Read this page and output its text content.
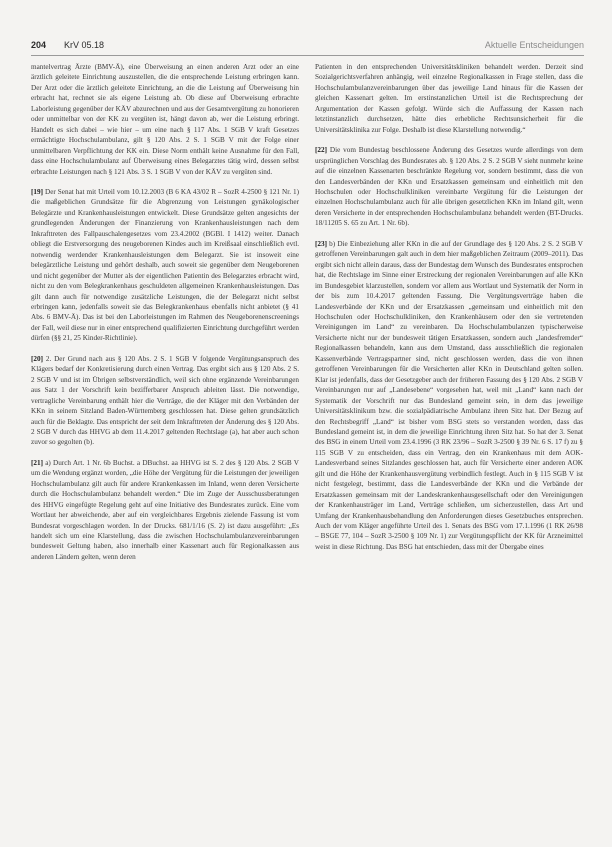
204 KrV 05.18	Aktuelle Entscheidungen

mantelvertrag Ärzte (BMV-Ä), eine Überweisung an einen anderen Arzt oder an eine ärztlich geleitete Einrichtung auszustellen, die die entsprechende Leistung erbringen kann. Der Arzt oder die ärztlich geleitete Einrichtung, an die die Leistung auf Überweisung hin erbracht hat, rechnet sie als eigene Leistung ab. Ob diese auf Überweisung erbrachte Laborleistung gegenüber der KÄV abzurechnen und aus der Gesamtvergütung zu honorieren oder unmittelbar von der KK zu vergüten ist, hängt davon ab, wer die Leistung erbringt. Handelt es sich dabei – wie hier – um eine nach § 117 Abs. 1 SGB V kraft Gesetzes ermächtigte Hochschulambulanz, gilt § 120 Abs. 2 S. 1 SGB V mit der Folge einer unmittelbaren Verpflichtung der KK ein. Diese Norm enthält keine Ausnahme für den Fall, dass eine Hochschulambulanz auf Überweisung eines Belegarztes tätig wird, dessen selbst erbrachte Leistungen nach § 121 Abs. 3 S. 1 SGB V von der KÄV zu vergüten sind.

[19] Der Senat hat mit Urteil vom 10.12.2003 (B 6 KA 43/02 R – SozR 4-2500 § 121 Nr. 1) die maßgeblichen Grundsätze für die Abgrenzung von Leistungen gynäkologischer Belegärzte und Krankenhausleistungen entwickelt. Diese Grundsätze gelten angesichts der grundlegenden Änderungen der Finanzierung von Krankenhausleistungen nach dem Inkrafttreten des Fallpauschalengesetzes vom 23.4.2002 (BGBl. I 1412) weiter. Danach obliegt die Erstversorgung des neugeborenen Kindes auch im Kreißsaal einschließlich evtl. notwendig werdender Krankenhausleistungen dem Belegarzt. Sie ist insoweit eine belegärztliche Leistung und gehört deshalb, auch soweit sie gegenüber dem Neugeborenen und nicht gegenüber der Mutter als der eigentlichen Patientin des Belegarztes erbracht wird, nicht zu den vom Belegkrankenhaus geschuldeten allgemeinen Krankenhausleistungen. Das gilt dann auch für notwendige zusätzliche Leistungen, die der Belegarzt nicht selbst erbringen kann, jedenfalls soweit sie das Belegkrankenhaus ebenfalls nicht anbietet (§ 41 Abs. 6 BMV-Ä). Das ist bei den Laborleistungen im Rahmen des Neugeborenenscreenings der Fall, weil diese nur in einer entsprechend qualifizierten Einrichtung durchgeführt werden dürfen (§§ 21, 25 Kinder-Richtlinie).

[20] 2. Der Grund nach aus § 120 Abs. 2 S. 1 SGB V folgende Vergütungsanspruch des Klägers bedarf der Konkretisierung durch einen Vertrag. Das ergibt sich aus § 120 Abs. 2 S. 2 SGB V und ist im Übrigen selbstverständlich, weil sich ohne ergänzende Vereinbarungen aus Satz 1 der Vorschrift kein bezifferbarer Anspruch ableiten lässt. Die notwendige, vertragliche Vereinbarung enthält hier die Verträge, die der Kläger mit den Verbänden der KKn in seinem Sitzland Baden-Württemberg geschlossen hat. Diese gelten grundsätzlich auch für die Beklagte. Das entspricht der seit dem Inkrafttreten der Änderung des § 120 Abs. 2 SGB V durch das HHVG ab dem 11.4.2017 geltenden Rechtslage (a), hat aber auch schon zuvor so gegolten (b).

[21] a) Durch Art. 1 Nr. 6b Buchst. a DBuchst. aa HHVG ist S. 2 des § 120 Abs. 2 SGB V um die Wendung ergänzt worden, „die Höhe der Vergütung für die Leistungen der jeweiligen Hochschulambulanz gilt auch für andere Krankenkassen im Inland, wenn deren Versicherte durch die Hochschulambulanz behandelt werden.“ Die im Zuge der Ausschussberatungen des HHVG eingefügte Regelung geht auf eine Initiative des Bundesrates zurück. Eine vom Wortlaut her abweichende, aber auf ein vergleichbares Ergebnis zielende Fassung ist vom Bundesrat vorgeschlagen worden. In der Drucks. 681/1/16 (S. 2) ist dazu ausgeführt: „Es handelt sich um eine Klarstellung, dass die zwischen Hochschulambulanzvereinbarungen bundesweit Geltung haben, also innerhalb einer Kassenart auch für Regionalkassen aus anderen Ländern gelten, wenn deren

Patienten in den entsprechenden Universitätskliniken behandelt werden. Derzeit sind Sozialgerichtsverfahren anhängig, weil einzelne Regionalkassen in Frage stellen, dass die Hochschulambulanzvereinbarungen über das jeweilige Land hinaus für die Kassen der gleichen Kassenart gelten. Im erstinstanzlichen Urteil ist die Rechtsprechung der Argumentation der Kassen gefolgt. Würde sich die Auffassung der Kassen nach letztinstanzlich durchsetzen, hätte dies erhebliche Rechtsunsicherheit für die Universitätsklinika zur Folge. Deshalb ist diese Klarstellung notwendig.“

[22] Die vom Bundestag beschlossene Änderung des Gesetzes wurde allerdings von dem ursprünglichen Vorschlag des Bundesrates ab. § 120 Abs. 2 S. 2 SGB V sieht nunmehr keine auf die einzelnen Kassenarten beschränkte Regelung vor, sondern bestimmt, dass die von den Landesverbänden der KKn und Ersatzkassen gemeinsam und einheitlich mit den Hochschulen oder Hochschulkliniken vereinbarte Vergütung für die Leistungen der einzelnen Hochschulambulanz auch für alle übrigen gesetzlichen KKn im Inland gilt, wenn deren Versicherte in der entsprechenden Hochschulambulanz behandelt werden (BT-Drucks. 18/11205 S. 65 zu Art. 1 Nr. 6b).

[23] b) Die Einbeziehung aller KKn in die auf der Grundlage des § 120 Abs. 2 S. 2 SGB V getroffenen Vereinbarungen galt auch in dem hier maßgeblichen Zeitraum (2009–2011). Das ergibt sich nicht allein daraus, dass der Bundestag dem Wunsch des Bundesrates entsprochen hat, die Rechtslage im Sinne einer Erstreckung der regionalen Vereinbarungen auf alle KKn im Bundesgebiet klarzustellen, sondern vor allem aus Wortlaut und Systematik der Norm in der bis zum 10.4.2017 geltenden Fassung. Die Vergütungsverträge haben die Landesverbände der KKn und der Ersatzkassen „gemeinsam und einheitlich mit den Hochschulen oder Hochschulkliniken, den Krankenhäusern oder den sie vertretenden Vereinigungen im Land“ zu vereinbaren. Da Hochschulambulanzen typischerweise Versicherte nicht nur der bundesweit tätigen Ersatzkassen, sondern auch „landesfremder“ Regionalkassen behandeln, kann aus dem Umstand, dass ausschließlich die regionalen Kassenverbände Vertragspartner sind, nicht geschlossen werden, dass die von ihnen getroffenen Vereinbarungen für die Versicherten aller KKn in Deutschland gelten sollen. Klar ist jedenfalls, dass der Gesetzgeber auch der früheren Fassung des § 120 Abs. 2 SGB V Vereinbarungen nur auf „Landesebene“ vorgesehen hat, weil mit „Land“ kann nach der Systematik der Vorschrift nur das Bundesland gemeint sein, in dem das jeweilige Universitätsklinikum bzw. die sozialpädiatrische Ambulanz ihren Sitz hat. Der Bezug auf den Rechtsbegriff „Land“ ist bisher vom BSG stets so verstanden worden, dass das Bundesland gemeint ist, in dem die jeweilige Einrichtung ihren Sitz hat. So hat der 3. Senat des BSG in einem Urteil vom 23.4.1996 (3 RK 23/96 – SozR 3-2500 § 39 Nr. 6 S. 17 f) zu § 115 SGB V zu entscheiden, dass ein Vertrag, den ein Krankenhaus mit dem AOK-Landesverband seines Sitzlandes geschlossen hat, auch für Versicherte einer anderen AOK gilt und die Höhe der Krankenhausvergütung verbindlich festlegt. Auch in § 115 SGB V ist nicht festgelegt, bestimmt, dass die Landesverbände der KKn und die Verbände der Ersatzkassen gemeinsam mit der Landeskrankenhausgesellschaft oder den Vereinigungen der Krankenhausträger im Land, Verträge schließen, um sicherzustellen, dass Art und Umfang der Krankenhausbehandlung den Anforderungen dieses Gesetzbuches entsprechen. Auch der vom Kläger angeführte Urteil des 1. Senats des BSG vom 17.1.1996 (1 RK 26/98 – BSGE 77, 104 – SozR 3-2500 § 109 Nr. 1) zur Vergütungspflicht der KK für Arzneimittel weist in diese Richtung. Das BSG hat entschieden, dass mit der Übergabe eines
